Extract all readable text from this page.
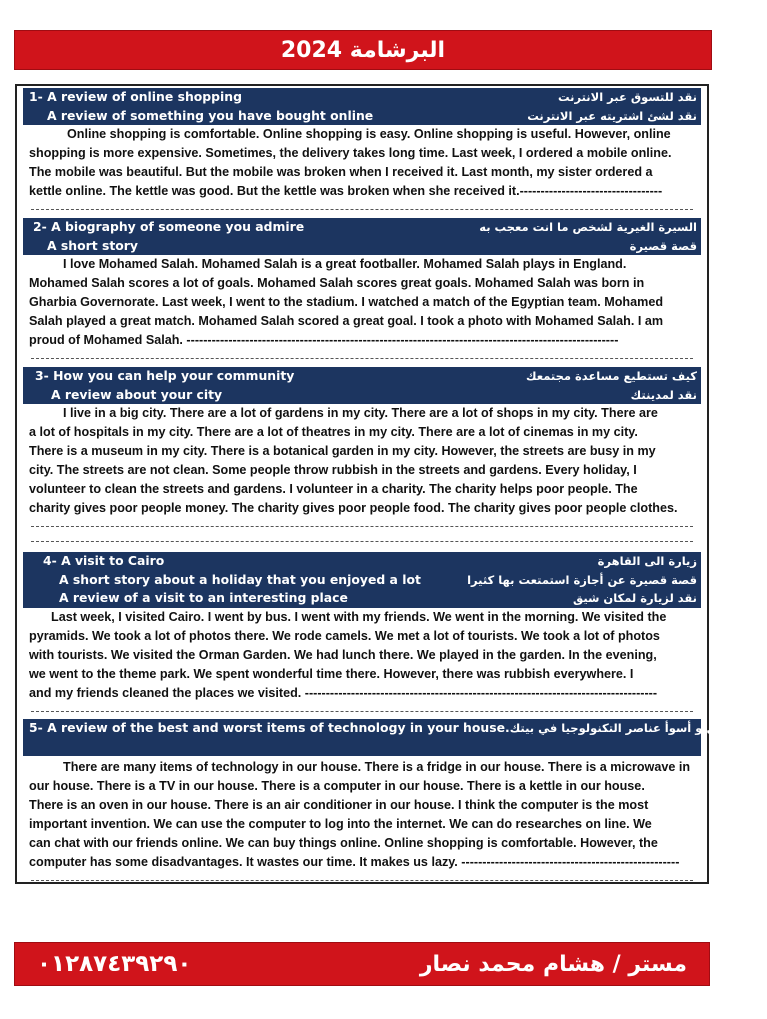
البرشامة 2024
1- A review of online shopping	نقد للتسوق عبر الانترنت
A review of something you have bought online	نقد لشئ اشتريته عبر الانترنت
Online shopping is comfortable. Online shopping is easy. Online shopping is useful. However, online
shopping is more expensive. Sometimes, the delivery takes long time. Last week, I ordered a mobile online.
The mobile was beautiful. But the mobile was broken when I received it. Last month, my sister ordered a
kettle online. The kettle was good. But the kettle was broken when she received it.----------------------------------
2- A biography of someone you admire	السيرة الغيرية لشخص ما انت معجب به
A short story	قصة قصيرة
I love Mohamed Salah. Mohamed Salah is a great footballer. Mohamed Salah plays in England.
Mohamed Salah scores a lot of goals. Mohamed Salah scores great goals. Mohamed Salah was born in
Gharbia Governorate. Last week, I went to the stadium. I watched a match of the Egyptian team. Mohamed
Salah played a great match. Mohamed Salah scored a great goal. I took a photo with Mohamed Salah. I am
proud of Mohamed Salah. -------------------------------------------------------------------------------------------------------
3- How you can help your community	كيف تستطيع مساعدة مجتمعك
A review about your city	نقد لمدينتك
I live in a big city. There are a lot of gardens in my city. There are a lot of shops in my city. There are
a lot of hospitals in my city. There are a lot of theatres in my city. There are a lot of cinemas in my city.
There is a museum in my city. There is a botanical garden in my city. However, the streets are busy in my
city. The streets are not clean. Some people throw rubbish in the streets and gardens. Every holiday, I
volunteer to clean the streets and gardens. I volunteer in a charity. The charity helps poor people. The
charity gives poor people money. The charity gives poor people food. The charity gives poor people clothes.
4- A visit to Cairo	زيارة الى القاهرة
A short story about a holiday that you enjoyed a lot	قصة قصيرة عن أجازة استمتعت بها كثيرا
A review of a visit to an interesting place	نقد لزيارة لمكان شيق
Last week, I visited Cairo. I went by bus. I went with my friends. We went in the morning. We visited the
pyramids. We took a lot of photos there. We rode camels. We met a lot of tourists. We took a lot of photos
with tourists. We visited the Orman Garden. We had lunch there. We played in the garden. In the evening,
we went to the theme park. We spent wonderful time there. However, there was rubbish everywhere. I
and my friends cleaned the places we visited. ------------------------------------------------------------------------------------
5- A review of the best and worst items of technology in your house. نقد لأفضل و أسوأ عناصر التكنولوجيا في بيتك
There are many items of technology in our house. There is a fridge in our house. There is a microwave in
our house. There is a TV in our house. There is a computer in our house. There is a kettle in our house.
There is an oven in our house. There is an air conditioner in our house. I think the computer is the most
important invention. We can use the computer to log into the internet. We can do researches on line. We
can chat with our friends online. We can buy things online. Online shopping is comfortable. However, the
computer has some disadvantages. It wastes our time. It makes us lazy. ----------------------------------------------------
٠١٢٨٧٤٣٩٢٩٠	مستر / هشام محمد نصار
